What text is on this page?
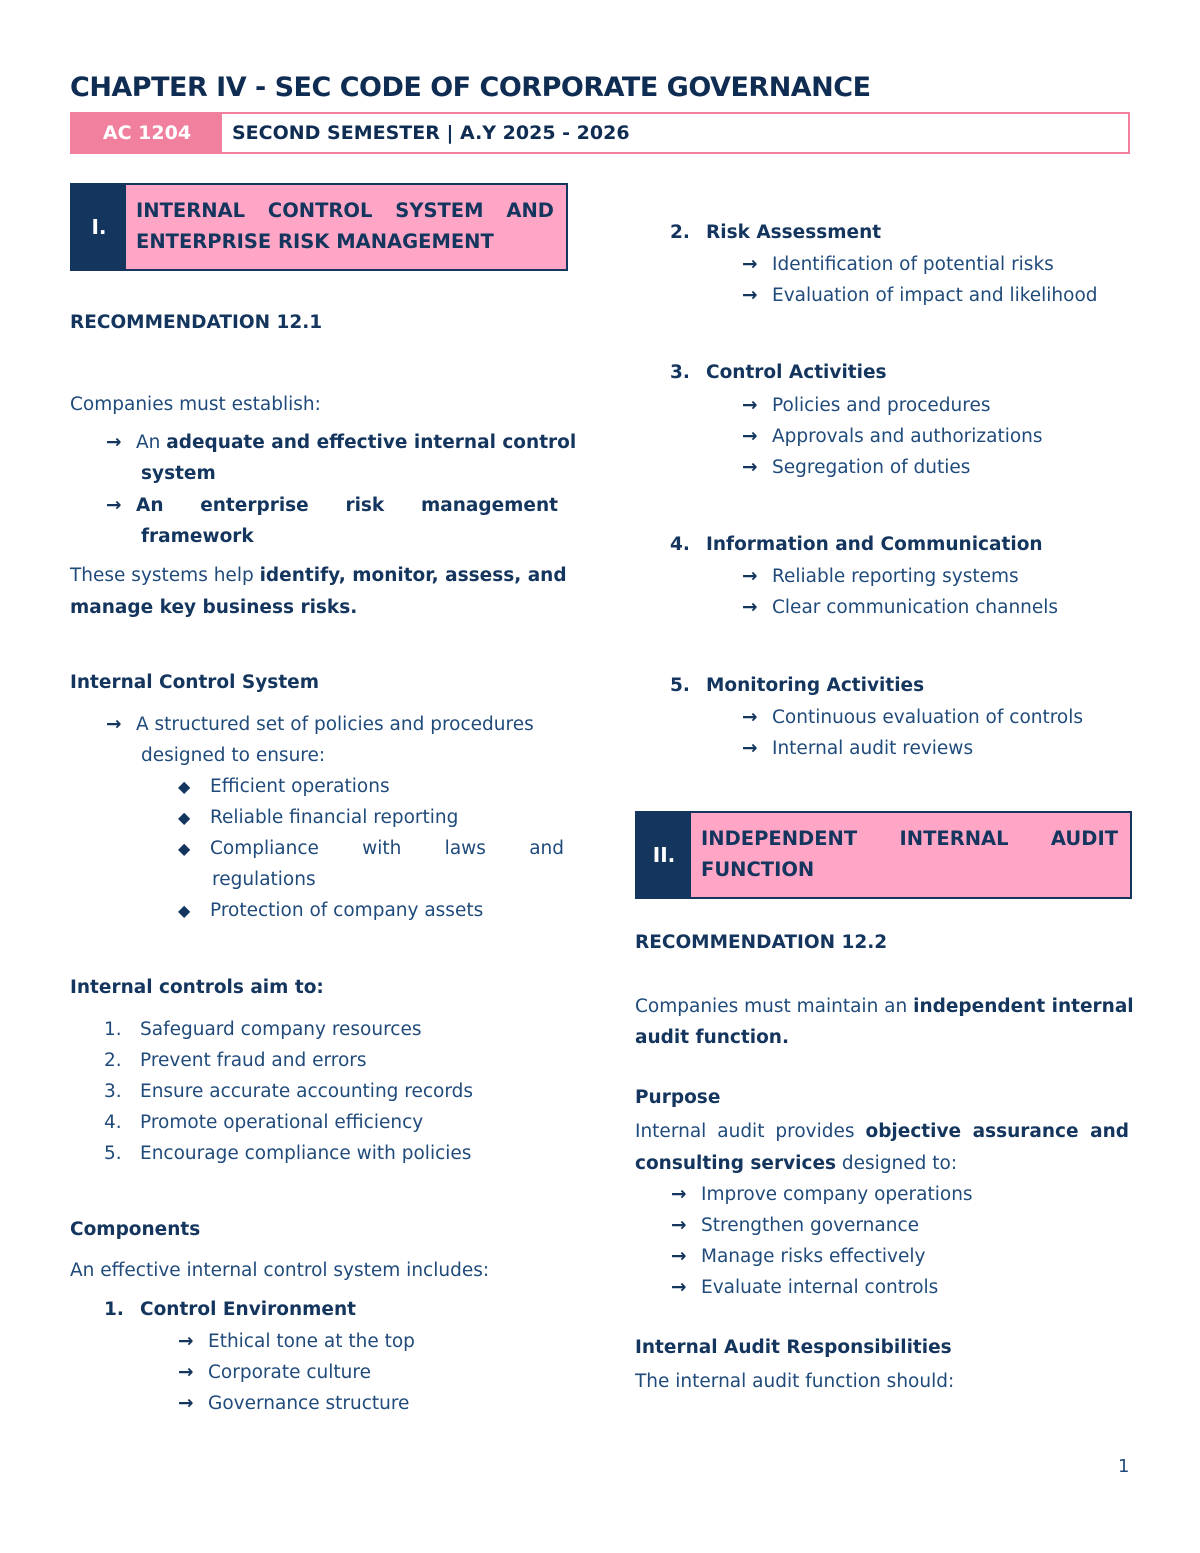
CHAPTER IV - SEC CODE OF CORPORATE GOVERNANCE
AC 1204	SECOND SEMESTER | A.Y 2025 - 2026
I.
INTERNAL CONTROL SYSTEM AND
ENTERPRISE RISK MANAGEMENT
RECOMMENDATION 12.1
Companies must establish:
→ An adequate and effective internal control
system
→ An enterprise risk management
framework
These systems help identify, monitor, assess, and
manage key business risks.
Internal Control System
→ A structured set of policies and procedures
designed to ensure:
◆ Efficient operations
◆ Reliable financial reporting
◆ Compliance with laws and
regulations
◆ Protection of company assets
Internal controls aim to:
1. Safeguard company resources
2. Prevent fraud and errors
3. Ensure accurate accounting records
4. Promote operational efficiency
5. Encourage compliance with policies
Components
An effective internal control system includes:
1. Control Environment
→ Ethical tone at the top
→ Corporate culture
→ Governance structure
2. Risk Assessment
→ Identification of potential risks
→ Evaluation of impact and likelihood
3. Control Activities
→ Policies and procedures
→ Approvals and authorizations
→ Segregation of duties
4. Information and Communication
→ Reliable reporting systems
→ Clear communication channels
5. Monitoring Activities
→ Continuous evaluation of controls
→ Internal audit reviews
II.
INDEPENDENT INTERNAL AUDIT
FUNCTION
RECOMMENDATION 12.2
Companies must maintain an independent internal
audit function.
Purpose
Internal audit provides objective assurance and
consulting services designed to:
→ Improve company operations
→ Strengthen governance
→ Manage risks effectively
→ Evaluate internal controls
Internal Audit Responsibilities
The internal audit function should:
1
